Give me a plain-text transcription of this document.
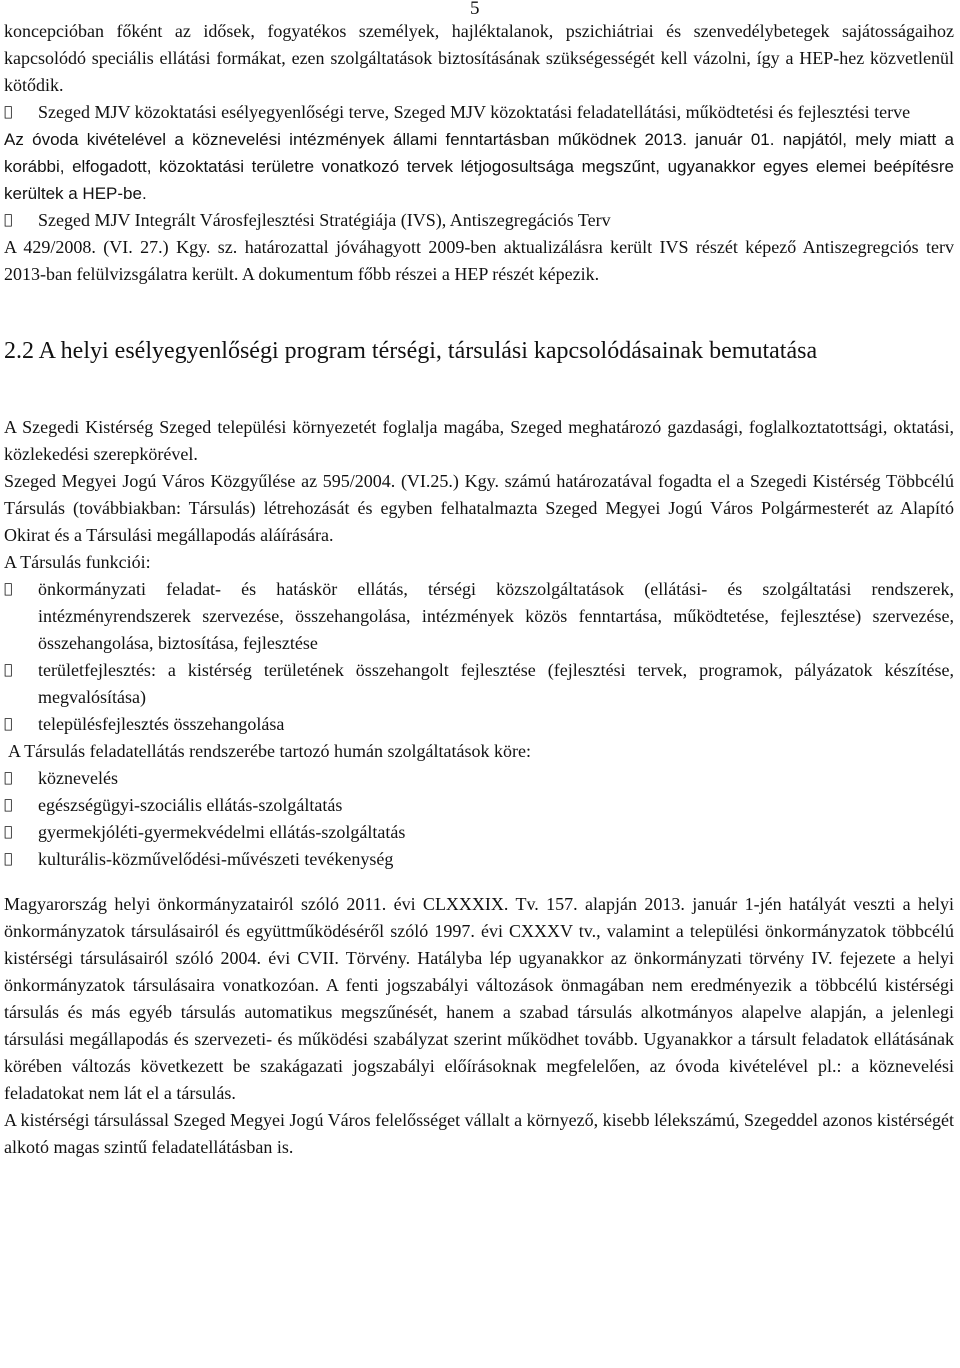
5

koncepcióban főként az idősek, fogyatékos személyek, hajléktalanok, pszichiátriai és szenvedélybetegek sajátosságaihoz kapcsolódó speciális ellátási formákat, ezen szolgáltatások biztosításának szükségességét kell vázolni, így a HEP-hez közvetlenül kötődik.

Szeged MJV közoktatási esélyegyenlőségi terve, Szeged MJV közoktatási feladatellátási, működtetési és fejlesztési terve

Az óvoda kivételével a köznevelési intézmények állami fenntartásban működnek 2013. január 01. napjától, mely miatt a korábbi, elfogadott, közoktatási területre vonatkozó tervek létjogosultsága megszűnt, ugyanakkor egyes elemei beépítésre kerültek a HEP-be.

Szeged MJV Integrált Városfejlesztési Stratégiája (IVS), Antiszegregációs Terv

A 429/2008. (VI. 27.) Kgy. sz. határozattal jóváhagyott 2009-ben aktualizálásra került IVS részét képező Antiszegregciós terv 2013-ban felülvizsgálatra került. A dokumentum főbb részei a HEP részét képezik.

2.2 A helyi esélyegyenlőségi program térségi, társulási kapcsolódásainak bemutatása

A Szegedi Kistérség Szeged települési környezetét foglalja magába, Szeged meghatározó gazdasági, foglalkoztatottsági, oktatási, közlekedési szerepkörével.

Szeged Megyei Jogú Város Közgyűlése az 595/2004. (VI.25.) Kgy. számú határozatával fogadta el a Szegedi Kistérség Többcélú Társulás (továbbiakban: Társulás) létrehozását és egyben felhatalmazta Szeged Megyei Jogú Város Polgármesterét az Alapító Okirat és a Társulási megállapodás aláírására.

A Társulás funkciói:

önkormányzati feladat- és hatáskör ellátás, térségi közszolgáltatások (ellátási- és szolgáltatási rendszerek, intézményrendszerek szervezése, összehangolása, intézmények közös fenntartása, működtetése, fejlesztése) szervezése, összehangolása, biztosítása, fejlesztése
területfejlesztés: a kistérség területének összehangolt fejlesztése (fejlesztési tervek, programok, pályázatok készítése, megvalósítása)
településfejlesztés összehangolása

A Társulás feladatellátás rendszerébe tartozó humán szolgáltatások köre:

köznevelés
egészségügyi-szociális ellátás-szolgáltatás
gyermekjóléti-gyermekvédelmi ellátás-szolgáltatás
kulturális-közművelődési-művészeti tevékenység

Magyarország helyi önkormányzatairól szóló 2011. évi CLXXXIX. Tv. 157. alapján 2013. január 1-jén hatályát veszti a helyi önkormányzatok társulásairól és együttműködéséről szóló 1997. évi CXXXV tv., valamint a települési önkormányzatok többcélú kistérségi társulásairól szóló 2004. évi CVII. Törvény. Hatályba lép ugyanakkor az önkormányzati törvény IV. fejezete a helyi önkormányzatok társulásaira vonatkozóan. A fenti jogszabályi változások önmagában nem eredményezik a többcélú kistérségi társulás és más egyéb társulás automatikus megszűnését, hanem a szabad társulás alkotmányos alapelve alapján, a jelenlegi társulási megállapodás és szervezeti- és működési szabályzat szerint működhet tovább. Ugyanakkor a társult feladatok ellátásának körében változás következett be szakágazati jogszabályi előírásoknak megfelelően, az óvoda kivételével pl.: a köznevelési feladatokat nem lát el a társulás.

A kistérségi társulással Szeged Megyei Jogú Város felelősséget vállalt a környező, kisebb lélekszámú, Szegeddel azonos kistérségét alkotó magas szintű feladatellátásban is.
